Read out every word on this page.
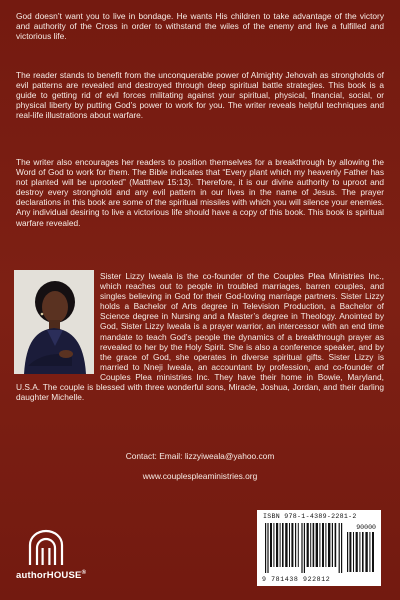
God doesn’t want you to live in bondage. He wants His children to take advantage of the victory and authority of the Cross in order to withstand the wiles of the enemy and live a fulfilled and victorious life.

The reader stands to benefit from the unconquerable power of Almighty Jehovah as strongholds of evil patterns are revealed and destroyed through deep spiritual battle strategies. This book is a guide to getting rid of evil forces militating against your spiritual, physical, financial, social, or physical liberty by putting God’s power to work for you. The writer reveals helpful techniques and real-life illustrations about warfare.

The writer also encourages her readers to position themselves for a breakthrough by allowing the Word of God to work for them. The Bible indicates that “Every plant which my heavenly Father has not planted will be uprooted” (Matthew 15:13). Therefore, it is our divine authority to uproot and destroy every stronghold and any evil pattern in our lives in the name of Jesus. The prayer declarations in this book are some of the spiritual missiles with which you will silence your enemies. Any individual desiring to live a victorious life should have a copy of this book. This book is spiritual warfare revealed.

Sister Lizzy Iweala is the co-founder of the Couples Plea Ministries Inc., which reaches out to people in troubled marriages, barren couples, and singles believing in God for their God-loving marriage partners. Sister Lizzy holds a Bachelor of Arts degree in Television Production, a Bachelor of Science degree in Nursing and a Master’s degree in Theology. Anointed by God, Sister Lizzy Iweala is a prayer warrior, an intercessor with an end time mandate to teach God’s people the dynamics of a breakthrough prayer as revealed to her by the Holy Spirit. She is also a conference speaker, and by the grace of God, she operates in diverse spiritual gifts. Sister Lizzy is married to Nneji Iweala, an accountant by profession, and co-founder of Couples Plea ministries Inc. They have their home in Bowie, Maryland, U.S.A. The couple is blessed with three wonderful sons, Miracle, Joshua, Jordan, and their darling daughter Michelle.

Contact: Email: lizzyiweala@yahoo.com
www.couplespleaministries.org
authorHOUSE®
ISBN 978-1-4389-2281-2
90000
9 781438 922812
